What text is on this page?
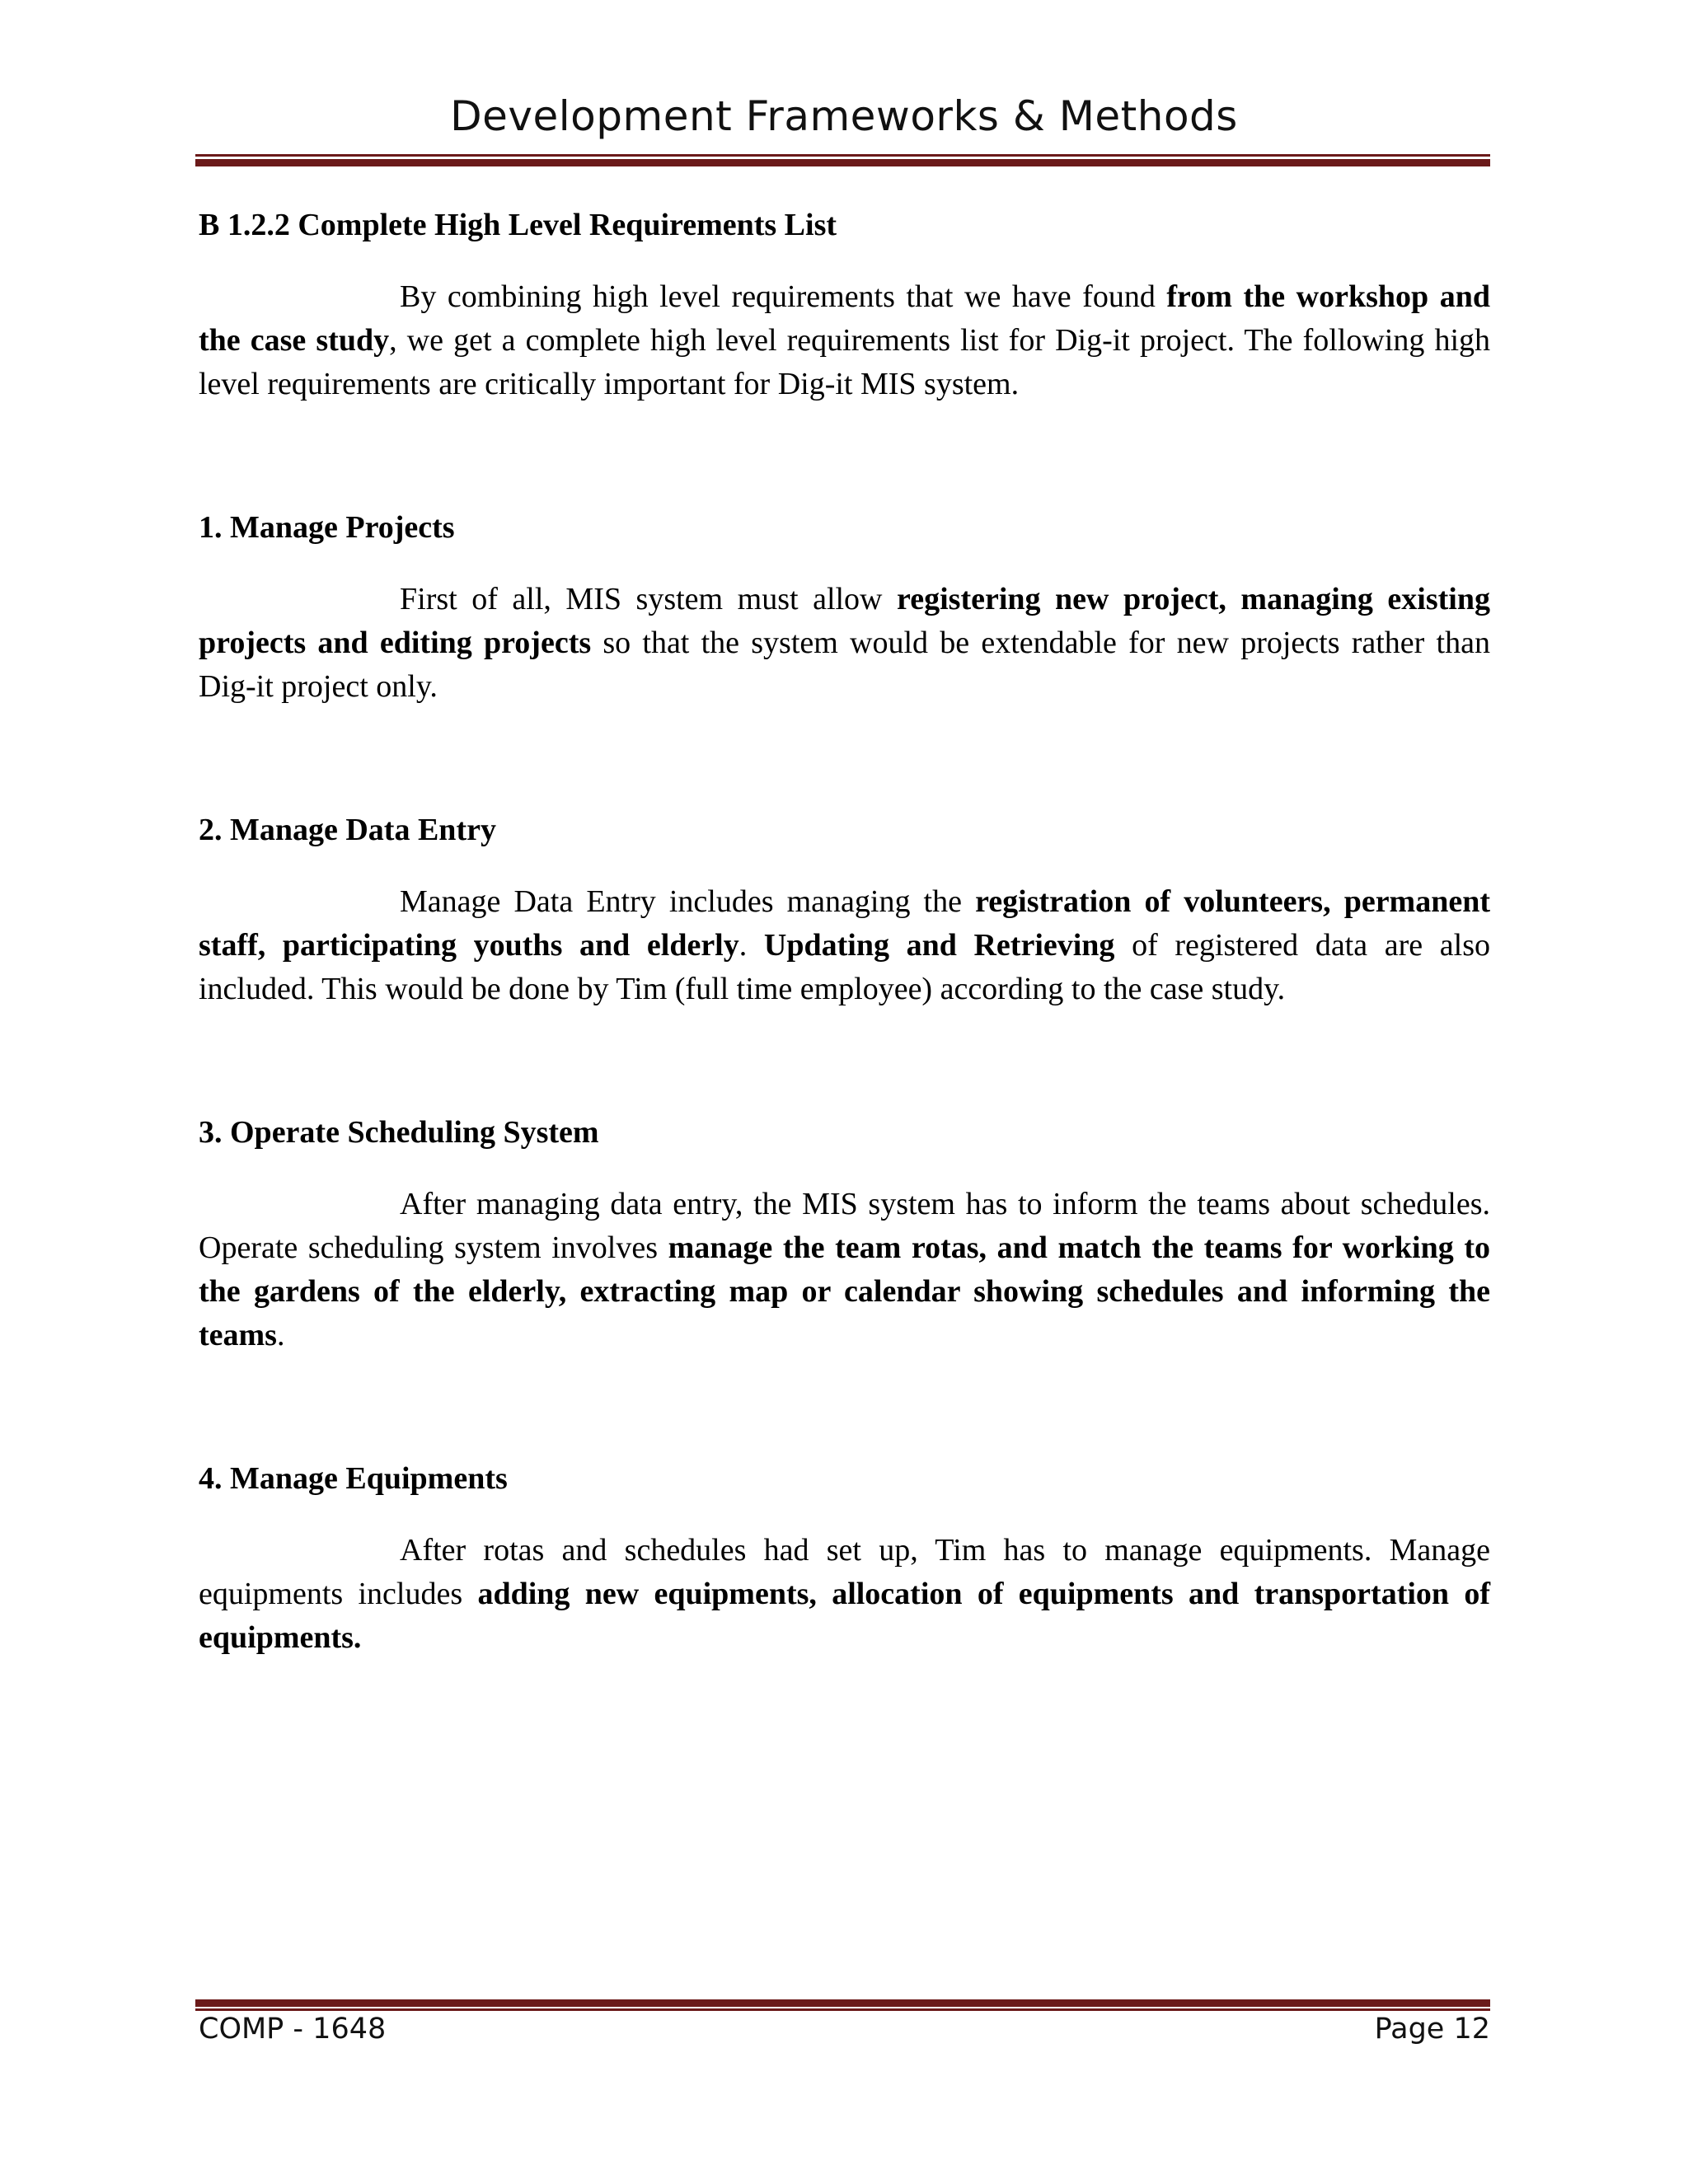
Development Frameworks & Methods

B 1.2.2 Complete High Level Requirements List

By combining high level requirements that we have found from the workshop and the case study, we get a complete high level requirements list for Dig-it project. The following high level requirements are critically important for Dig-it MIS system.

1. Manage Projects

First of all, MIS system must allow registering new project, managing existing projects and editing projects so that the system would be extendable for new projects rather than Dig-it project only.

2. Manage Data Entry

Manage Data Entry includes managing the registration of volunteers, permanent staff, participating youths and elderly. Updating and Retrieving of registered data are also included. This would be done by Tim (full time employee) according to the case study.

3. Operate Scheduling System

After managing data entry, the MIS system has to inform the teams about schedules. Operate scheduling system involves manage the team rotas, and match the teams for working to the gardens of the elderly, extracting map or calendar showing schedules and informing the teams.

4. Manage Equipments

After rotas and schedules had set up, Tim has to manage equipments. Manage equipments includes adding new equipments, allocation of equipments and transportation of equipments.

COMP - 1648	Page 12
